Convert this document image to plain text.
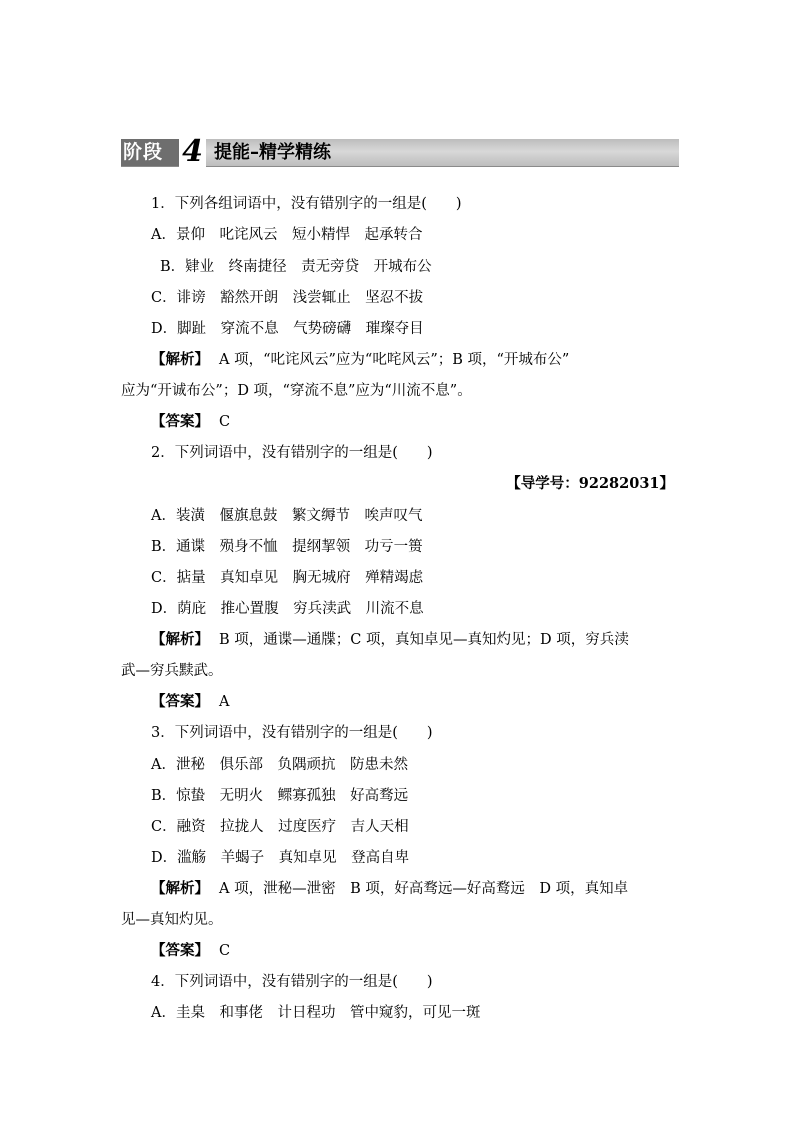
阶段 4 提能–精学精练
1．下列各组词语中，没有错别字的一组是(　　)
A．景仰　叱诧风云　短小精悍　起承转合
B．肄业　终南捷径　责无旁贷　开城布公
C．诽谤　豁然开朗　浅尝辄止　坚忍不拔
D．脚趾　穿流不息　气势磅礴　璀璨夺目
【解析】 A 项，“叱诧风云”应为“叱咤风云”；B 项，“开城布公”
应为“开诚布公”；D 项，“穿流不息”应为“川流不息”。
【答案】 C
2．下列词语中，没有错别字的一组是(　　)
【导学号：92282031】
A．装潢　偃旗息鼓　繁文缛节　唉声叹气
B．通谍　殒身不恤　提纲挈领　功亏一篑
C．掂量　真知卓见　胸无城府　殚精竭虑
D．荫庇　推心置腹　穷兵渎武　川流不息
【解析】 B 项，通谍—通牒；C 项，真知卓见—真知灼见；D 项，穷兵渎
武—穷兵黩武。
【答案】 A
3．下列词语中，没有错别字的一组是(　　)
A．泄秘　俱乐部　负隅顽抗　防患未然
B．惊蛰　无明火　鳏寡孤独　好高骛远
C．融资　拉拢人　过度医疗　吉人天相
D．滥觞　羊蝎子　真知卓见　登高自卑
【解析】 A 项，泄秘—泄密　B 项，好高骛远—好高鹜远　D 项，真知卓
见—真知灼见。
【答案】 C
4．下列词语中，没有错别字的一组是(　　)
A．圭臬　和事佬　计日程功　管中窥豹，可见一斑
